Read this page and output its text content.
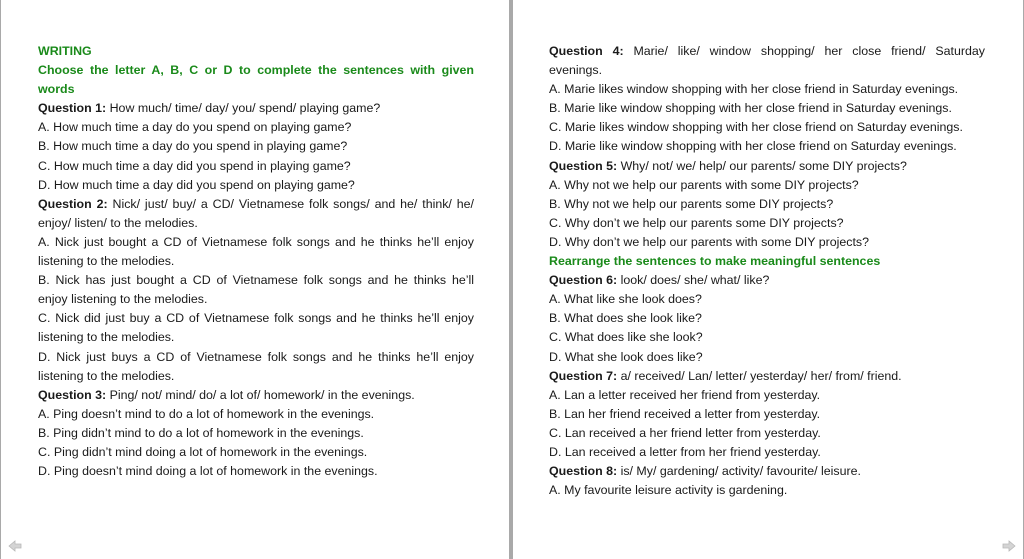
WRITING
Choose the letter A, B, C or D to complete the sentences with given
words
Question 1: How much/ time/ day/ you/ spend/ playing game?
A. How much time a day do you spend on playing game?
B. How much time a day do you spend in playing game?
C. How much time a day did you spend in playing game?
D. How much time a day did you spend on playing game?
Question 2: Nick/ just/ buy/ a CD/ Vietnamese folk songs/ and he/ think/ he/
enjoy/ listen/ to the melodies.
A. Nick just bought a CD of Vietnamese folk songs and he thinks he’ll enjoy
listening to the melodies.
B. Nick has just bought a CD of Vietnamese folk songs and he thinks he’ll
enjoy listening to the melodies.
C. Nick did just buy a CD of Vietnamese folk songs and he thinks he’ll enjoy
listening to the melodies.
D. Nick just buys a CD of Vietnamese folk songs and he thinks he’ll enjoy
listening to the melodies.
Question 3: Ping/ not/ mind/ do/ a lot of/ homework/ in the evenings.
A. Ping doesn’t mind to do a lot of homework in the evenings.
B. Ping didn’t mind to do a lot of homework in the evenings.
C. Ping didn’t mind doing a lot of homework in the evenings.
D. Ping doesn’t mind doing a lot of homework in the evenings.
Question 4: Marie/ like/ window shopping/ her close friend/ Saturday
evenings.
A. Marie likes window shopping with her close friend in Saturday evenings.
B. Marie like window shopping with her close friend in Saturday evenings.
C. Marie likes window shopping with her close friend on Saturday evenings.
D. Marie like window shopping with her close friend on Saturday evenings.
Question 5: Why/ not/ we/ help/ our parents/ some DIY projects?
A. Why not we help our parents with some DIY projects?
B. Why not we help our parents some DIY projects?
C. Why don’t we help our parents some DIY projects?
D. Why don’t we help our parents with some DIY projects?
Rearrange the sentences to make meaningful sentences
Question 6: look/ does/ she/ what/ like?
A. What like she look does?
B. What does she look like?
C. What does like she look?
D. What she look does like?
Question 7: a/ received/ Lan/ letter/ yesterday/ her/ from/ friend.
A. Lan a letter received her friend from yesterday.
B. Lan her friend received a letter from yesterday.
C. Lan received a her friend letter from yesterday.
D. Lan received a letter from her friend yesterday.
Question 8: is/ My/ gardening/ activity/ favourite/ leisure.
A. My favourite leisure activity is gardening.
